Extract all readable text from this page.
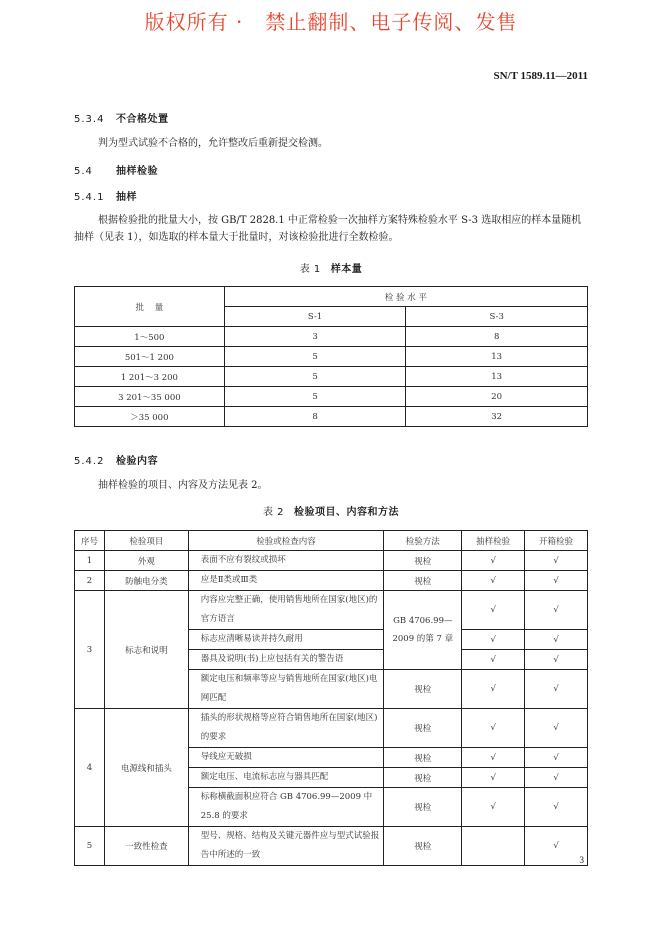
版权所有 ·   禁止翻制、电子传阅、发售
SN/T 1589.11—2011
5.3.4 不合格处置
判为型式试验不合格的，允许整改后重新提交检测。
5.4 抽样检验
5.4.1 抽样
根据检验批的批量大小，按 GB/T 2828.1 中正常检验一次抽样方案特殊检验水平 S-3 选取相应的样本量随机抽样（见表 1），如选取的样本量大于批量时，对该检验批进行全数检验。
表 1 样本量
批    量	检 验 水 平	
	S-1	S-3
1～500	3	8
501～1 200	5	13
1 201～3 200	5	13
3 201～35 000	5	20
＞35 000	8	32
5.4.2 检验内容
抽样检验的项目、内容及方法见表 2。
表 2 检验项目、内容和方法
序号	检验项目	检验或检查内容	检验方法	抽样检验	开箱检验
1	外观	表面不应有裂纹或损坏	视检	√	√
2	防触电分类	应是Ⅱ类或Ⅲ类	视检	√	√
3	标志和说明	内容应完整正确，使用销售地所在国家(地区)的官方语言	GB 4706.99—2009 的第 7 章	√	√
		标志应清晰易读并持久耐用		√	√
		器具及说明(书)上应包括有关的警告语		√	√
		额定电压和频率等应与销售地所在国家(地区)电网匹配	视检	√	√
4	电源线和插头	插头的形状规格等应符合销售地所在国家(地区)的要求	视检	√	√
		导线应无破损	视检	√	√
		额定电压、电流标志应与器具匹配	视检	√	√
		标称横截面积应符合 GB 4706.99—2009 中 25.8 的要求	视检	√	√
5	一致性检查	型号、规格、结构及关键元器件应与型式试验报告中所述的一致	视检		√
3
